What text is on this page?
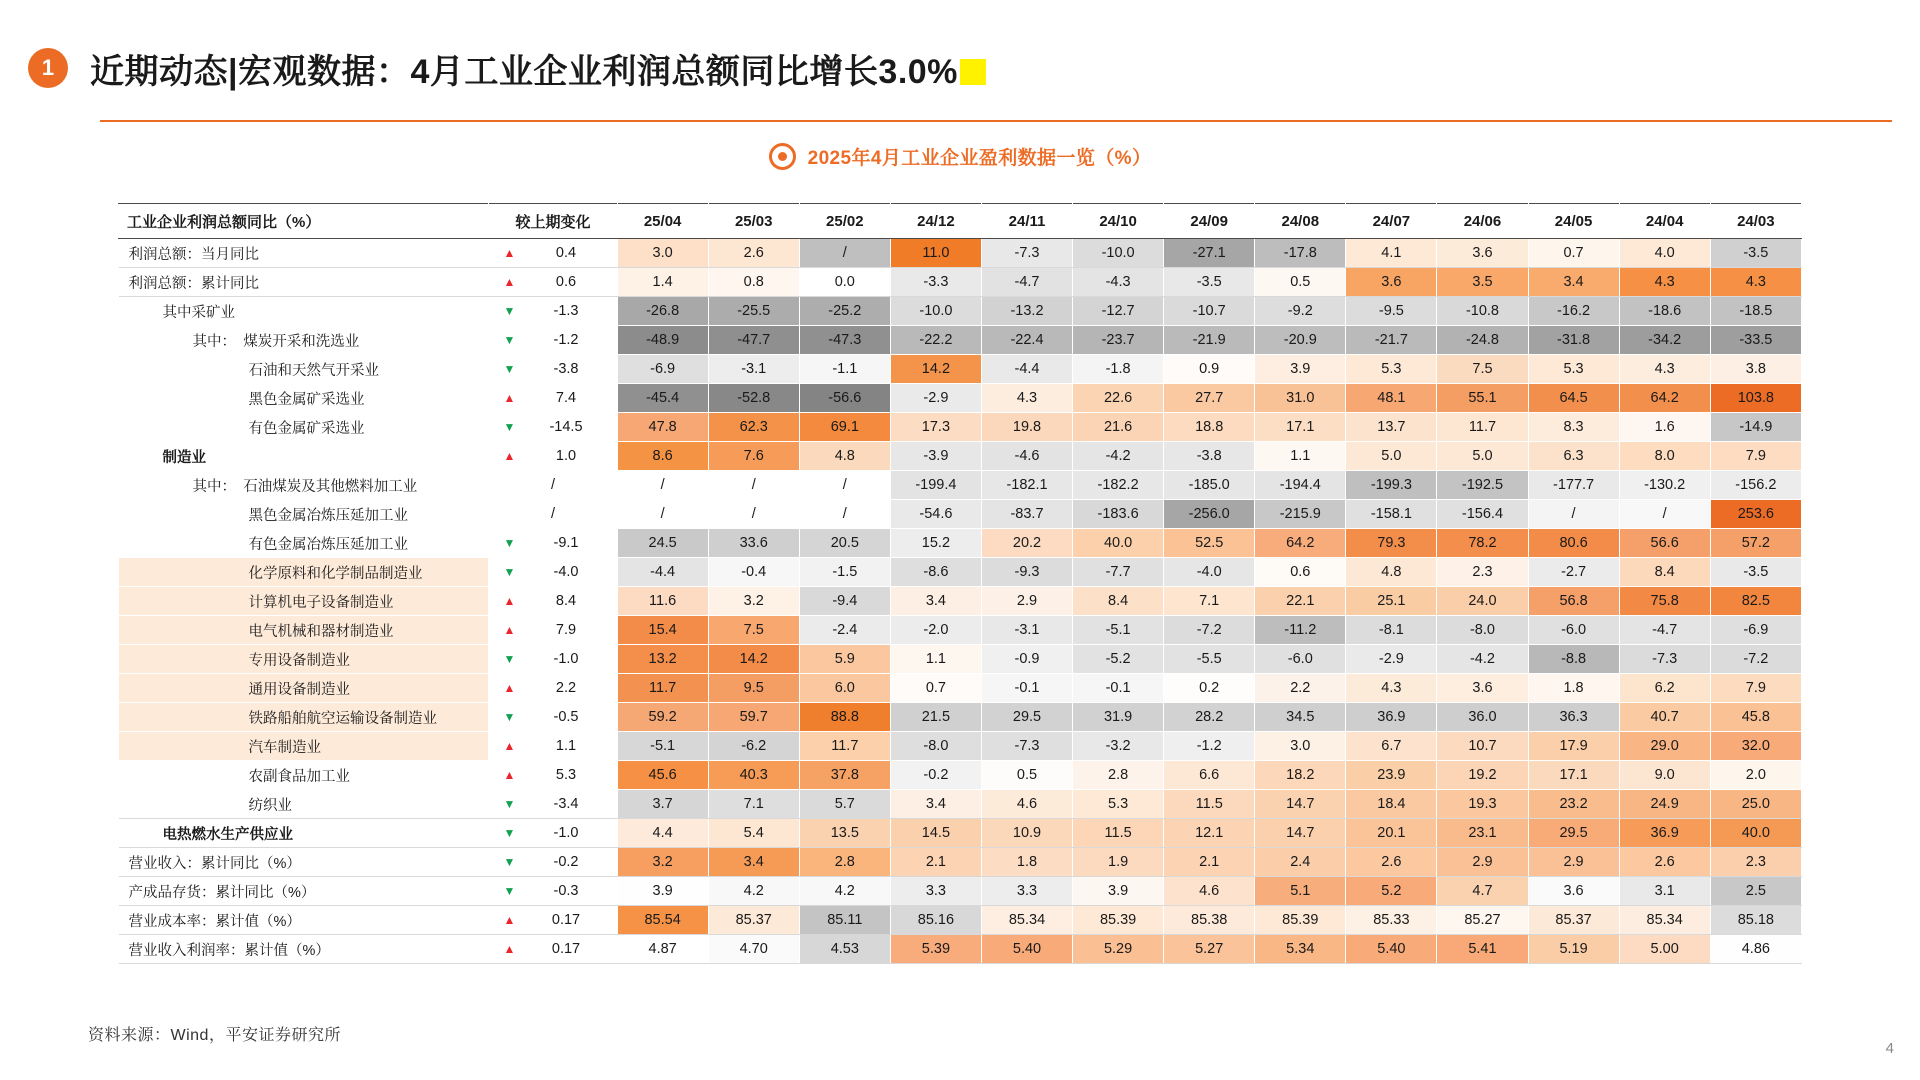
1	近期动态|宏观数据：4月工业企业利润总额同比增长3.0%
2025年4月工业企业盈利数据一览（%）
工业企业利润总额同比（%）	较上期变化	25/04	25/03	25/02	24/12	24/11	24/10	24/09	24/08	24/07	24/06	24/05	24/04	24/03
利润总额：当月同比	▲ 0.4	3.0	2.6	/	11.0	-7.3	-10.0	-27.1	-17.8	4.1	3.6	0.7	4.0	-3.5
利润总额：累计同比	▲ 0.6	1.4	0.8	0.0	-3.3	-4.7	-4.3	-3.5	0.5	3.6	3.5	3.4	4.3	4.3
其中采矿业	▼ -1.3	-26.8	-25.5	-25.2	-10.0	-13.2	-12.7	-10.7	-9.2	-9.5	-10.8	-16.2	-18.6	-18.5
其中：　煤炭开采和洗选业	▼ -1.2	-48.9	-47.7	-47.3	-22.2	-22.4	-23.7	-21.9	-20.9	-21.7	-24.8	-31.8	-34.2	-33.5
石油和天然气开采业	▼ -3.8	-6.9	-3.1	-1.1	14.2	-4.4	-1.8	0.9	3.9	5.3	7.5	5.3	4.3	3.8
黑色金属矿采选业	▲ 7.4	-45.4	-52.8	-56.6	-2.9	4.3	22.6	27.7	31.0	48.1	55.1	64.5	64.2	103.8
有色金属矿采选业	▼ -14.5	47.8	62.3	69.1	17.3	19.8	21.6	18.8	17.1	13.7	11.7	8.3	1.6	-14.9
制造业	▲ 1.0	8.6	7.6	4.8	-3.9	-4.6	-4.2	-3.8	1.1	5.0	5.0	6.3	8.0	7.9
其中：　石油煤炭及其他燃料加工业	/	/	/	/	-199.4	-182.1	-182.2	-185.0	-194.4	-199.3	-192.5	-177.7	-130.2	-156.2
黑色金属冶炼压延加工业	/	/	/	/	-54.6	-83.7	-183.6	-256.0	-215.9	-158.1	-156.4	/	/	253.6
有色金属冶炼压延加工业	▼ -9.1	24.5	33.6	20.5	15.2	20.2	40.0	52.5	64.2	79.3	78.2	80.6	56.6	57.2
化学原料和化学制品制造业	▼ -4.0	-4.4	-0.4	-1.5	-8.6	-9.3	-7.7	-4.0	0.6	4.8	2.3	-2.7	8.4	-3.5
计算机电子设备制造业	▲ 8.4	11.6	3.2	-9.4	3.4	2.9	8.4	7.1	22.1	25.1	24.0	56.8	75.8	82.5
电气机械和器材制造业	▲ 7.9	15.4	7.5	-2.4	-2.0	-3.1	-5.1	-7.2	-11.2	-8.1	-8.0	-6.0	-4.7	-6.9
专用设备制造业	▼ -1.0	13.2	14.2	5.9	1.1	-0.9	-5.2	-5.5	-6.0	-2.9	-4.2	-8.8	-7.3	-7.2
通用设备制造业	▲ 2.2	11.7	9.5	6.0	0.7	-0.1	-0.1	0.2	2.2	4.3	3.6	1.8	6.2	7.9
铁路船舶航空运输设备制造业	▼ -0.5	59.2	59.7	88.8	21.5	29.5	31.9	28.2	34.5	36.9	36.0	36.3	40.7	45.8
汽车制造业	▲ 1.1	-5.1	-6.2	11.7	-8.0	-7.3	-3.2	-1.2	3.0	6.7	10.7	17.9	29.0	32.0
农副食品加工业	▲ 5.3	45.6	40.3	37.8	-0.2	0.5	2.8	6.6	18.2	23.9	19.2	17.1	9.0	2.0
纺织业	▼ -3.4	3.7	7.1	5.7	3.4	4.6	5.3	11.5	14.7	18.4	19.3	23.2	24.9	25.0
电热燃水生产供应业	▼ -1.0	4.4	5.4	13.5	14.5	10.9	11.5	12.1	14.7	20.1	23.1	29.5	36.9	40.0
营业收入：累计同比（%）	▼ -0.2	3.2	3.4	2.8	2.1	1.8	1.9	2.1	2.4	2.6	2.9	2.9	2.6	2.3
产成品存货：累计同比（%）	▼ -0.3	3.9	4.2	4.2	3.3	3.3	3.9	4.6	5.1	5.2	4.7	3.6	3.1	2.5
营业成本率：累计值（%）	▲ 0.17	85.54	85.37	85.11	85.16	85.34	85.39	85.38	85.39	85.33	85.27	85.37	85.34	85.18
营业收入利润率：累计值（%）	▲ 0.17	4.87	4.70	4.53	5.39	5.40	5.29	5.27	5.34	5.40	5.41	5.19	5.00	4.86
资料来源：Wind，平安证券研究所
4
